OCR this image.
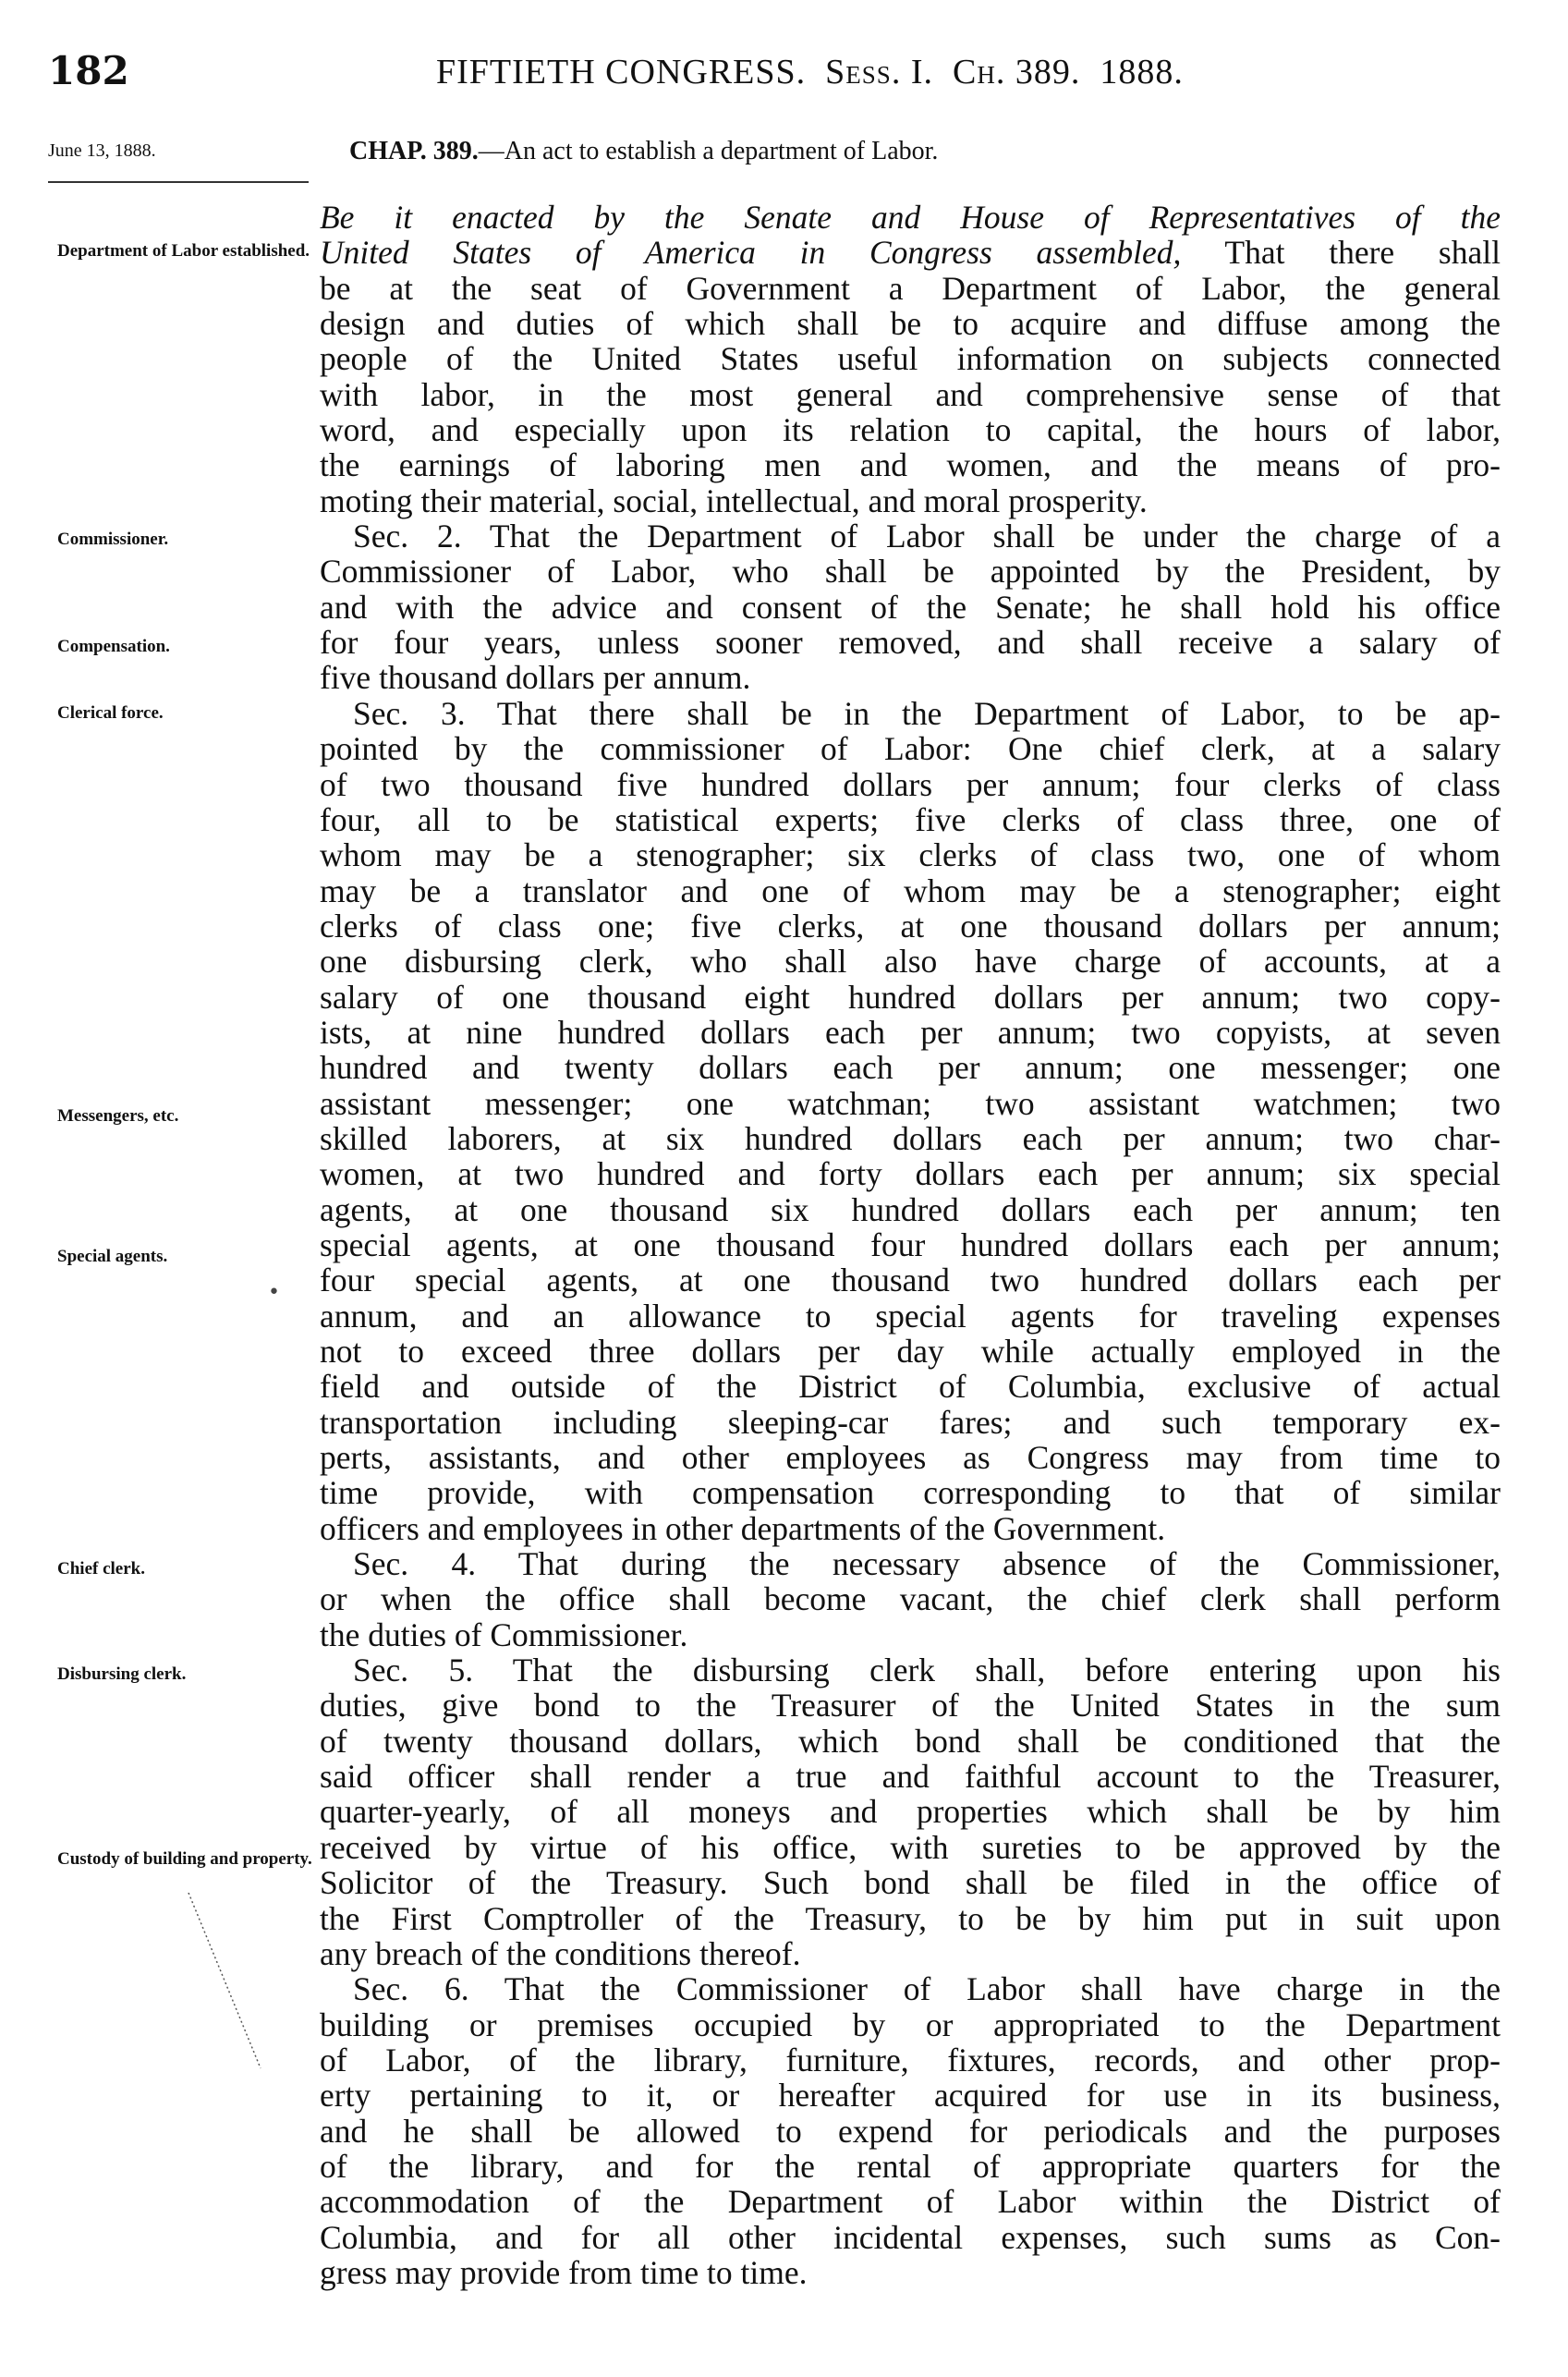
182	FIFTIETH CONGRESS. Sess. I. Ch. 389. 1888.
June 13, 1888.	CHAP. 389.—An act to establish a department of Labor.
Department of Labor established.
Commissioner.
Compensation.
Clerical force.
Messengers, etc.
Special agents.
Chief clerk.
Disbursing clerk.
Custody of building and property.
•
Be it enacted by the Senate and House of Representatives of the
United States of America in Congress assembled, That there shall
be at the seat of Government a Department of Labor, the general
design and duties of which shall be to acquire and diffuse among the
people of the United States useful information on subjects connected
with labor, in the most general and comprehensive sense of that
word, and especially upon its relation to capital, the hours of labor,
the earnings of laboring men and women, and the means of pro-
moting their material, social, intellectual, and moral prosperity.
Sec. 2. That the Department of Labor shall be under the charge of a
Commissioner of Labor, who shall be appointed by the President, by
and with the advice and consent of the Senate; he shall hold his office
for four years, unless sooner removed, and shall receive a salary of
five thousand dollars per annum.
Sec. 3. That there shall be in the Department of Labor, to be ap-
pointed by the commissioner of Labor: One chief clerk, at a salary
of two thousand five hundred dollars per annum; four clerks of class
four, all to be statistical experts; five clerks of class three, one of
whom may be a stenographer; six clerks of class two, one of whom
may be a translator and one of whom may be a stenographer; eight
clerks of class one; five clerks, at one thousand dollars per annum;
one disbursing clerk, who shall also have charge of accounts, at a
salary of one thousand eight hundred dollars per annum; two copy-
ists, at nine hundred dollars each per annum; two copyists, at seven
hundred and twenty dollars each per annum; one messenger; one
assistant messenger; one watchman; two assistant watchmen; two
skilled laborers, at six hundred dollars each per annum; two char-
women, at two hundred and forty dollars each per annum; six special
agents, at one thousand six hundred dollars each per annum; ten
special agents, at one thousand four hundred dollars each per annum;
four special agents, at one thousand two hundred dollars each per
annum, and an allowance to special agents for traveling expenses
not to exceed three dollars per day while actually employed in the
field and outside of the District of Columbia, exclusive of actual
transportation including sleeping-car fares; and such temporary ex-
perts, assistants, and other employees as Congress may from time to
time provide, with compensation corresponding to that of similar
officers and employees in other departments of the Government.
Sec. 4. That during the necessary absence of the Commissioner,
or when the office shall become vacant, the chief clerk shall perform
the duties of Commissioner.
Sec. 5. That the disbursing clerk shall, before entering upon his
duties, give bond to the Treasurer of the United States in the sum
of twenty thousand dollars, which bond shall be conditioned that the
said officer shall render a true and faithful account to the Treasurer,
quarter-yearly, of all moneys and properties which shall be by him
received by virtue of his office, with sureties to be approved by the
Solicitor of the Treasury. Such bond shall be filed in the office of
the First Comptroller of the Treasury, to be by him put in suit upon
any breach of the conditions thereof.
Sec. 6. That the Commissioner of Labor shall have charge in the
building or premises occupied by or appropriated to the Department
of Labor, of the library, furniture, fixtures, records, and other prop-
erty pertaining to it, or hereafter acquired for use in its business,
and he shall be allowed to expend for periodicals and the purposes
of the library, and for the rental of appropriate quarters for the
accommodation of the Department of Labor within the District of
Columbia, and for all other incidental expenses, such sums as Con-
gress may provide from time to time.
